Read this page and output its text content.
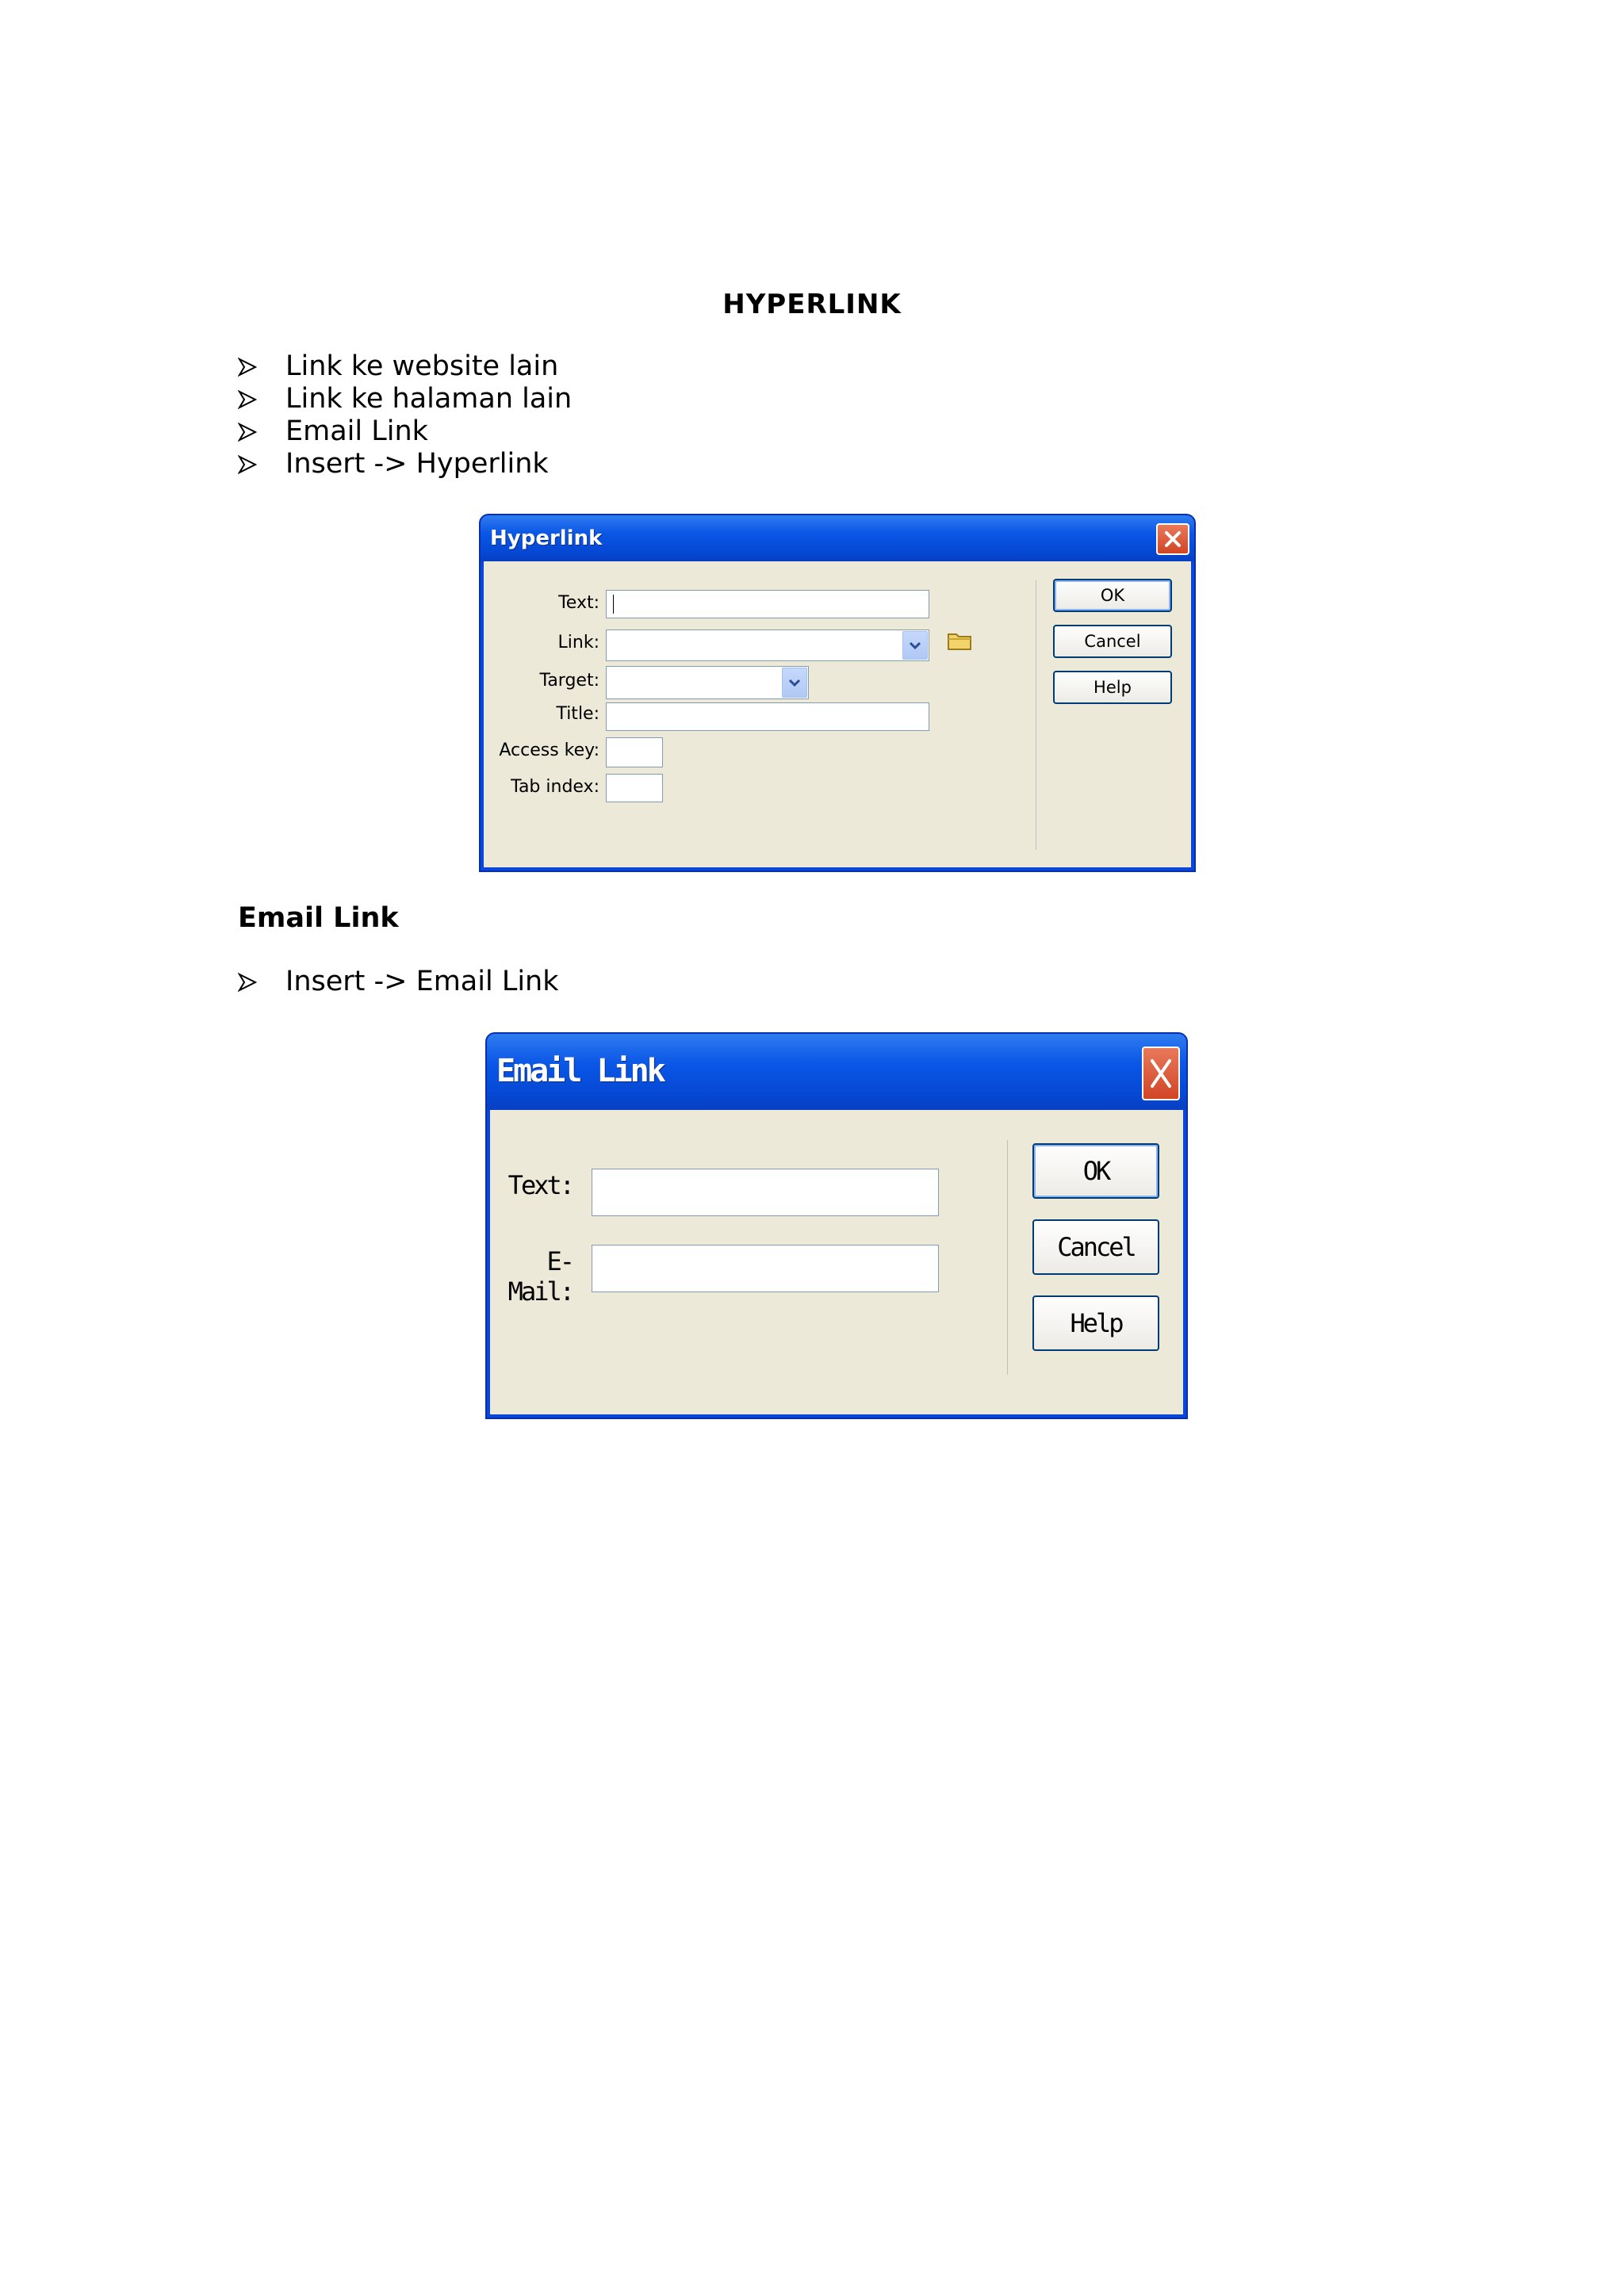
HYPERLINK
Link ke website lain
Link ke halaman lain
Email Link
Insert -> Hyperlink
Hyperlink
Text:
Link:
Target:
Title:
Access key:
Tab index:
OK
Cancel
Help
Email Link
Insert -> Email Link
Email Link
Text:
E-Mail:
OK
Cancel
Help
